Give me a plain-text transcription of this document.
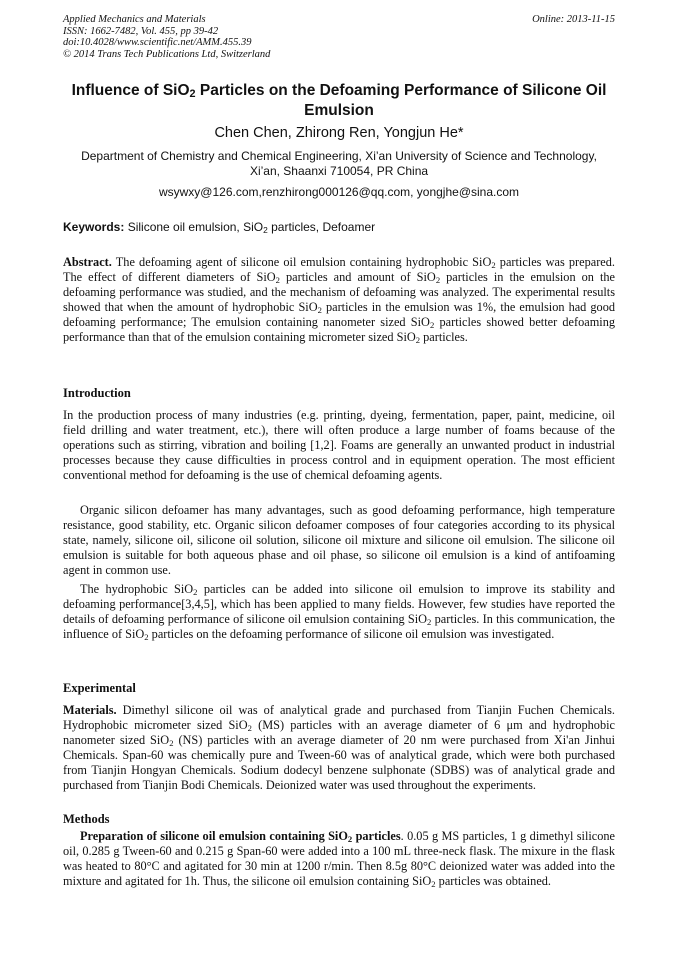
Applied Mechanics and Materials
ISSN: 1662-7482, Vol. 455, pp 39-42
doi:10.4028/www.scientific.net/AMM.455.39
© 2014 Trans Tech Publications Ltd, Switzerland
Online: 2013-11-15
Influence of SiO$_2$ Particles on the Defoaming Performance of Silicone Oil Emulsion
Chen Chen, Zhirong Ren, Yongjun He*
Department of Chemistry and Chemical Engineering, Xi’an University of Science and Technology,
Xi’an, Shaanxi 710054, PR China
wsywxy@126.com,renzhirong000126@qq.com, yongjhe@sina.com
Keywords: Silicone oil emulsion, SiO$_2$ particles, Defoamer
Abstract. The defoaming agent of silicone oil emulsion containing hydrophobic SiO$_2$ particles was prepared. The effect of different diameters of SiO$_2$ particles and amount of SiO$_2$ particles in the emulsion on the defoaming performance was studied, and the mechanism of defoaming was analyzed. The experimental results showed that when the amount of hydrophobic SiO$_2$ particles in the emulsion was 1%, the emulsion had good defoaming performance; The emulsion containing nanometer sized SiO$_2$ particles showed better defoaming performance than that of the emulsion containing micrometer sized SiO$_2$ particles.
Introduction
In the production process of many industries (e.g. printing, dyeing, fermentation, paper, paint, medicine, oil field drilling and water treatment, etc.), there will often produce a large number of foams because of the operations such as stirring, vibration and boiling [1,2]. Foams are generally an unwanted product in industrial processes because they cause difficulties in process control and in equipment operation. The most efficient conventional method for defoaming is the use of chemical defoaming agents.
Organic silicon defoamer has many advantages, such as good defoaming performance, high temperature resistance, good stability, etc. Organic silicon defoamer composes of four categories according to its physical state, namely, silicone oil, silicone oil solution, silicone oil mixture and silicone oil emulsion. The silicone oil emulsion is suitable for both aqueous phase and oil phase, so silicone oil emulsion is a kind of antifoaming agent in common use.
The hydrophobic SiO$_2$ particles can be added into silicone oil emulsion to improve its stability and defoaming performance[3,4,5], which has been applied to many fields. However, few studies have reported the details of defoaming performance of silicone oil emulsion containing SiO$_2$ particles. In this communication, the influence of SiO$_2$ particles on the defoaming performance of silicone oil emulsion was investigated.
Experimental
Materials. Dimethyl silicone oil was of analytical grade and purchased from Tianjin Fuchen Chemicals. Hydrophobic micrometer sized SiO$_2$ (MS) particles with an average diameter of 6 μm and hydrophobic nanometer sized SiO$_2$ (NS) particles with an average diameter of 20 nm were purchased from Xi'an Jinhui Chemicals. Span-60 was chemically pure and Tween-60 was of analytical grade, which were both purchased from Tianjin Hongyan Chemicals. Sodium dodecyl benzene sulphonate (SDBS) was of analytical grade and purchased from Tianjin Bodi Chemicals. Deionized water was used throughout the experiments.
Methods
Preparation of silicone oil emulsion containing SiO$_2$ particles. 0.05 g MS particles, 1 g dimethyl silicone oil, 0.285 g Tween-60 and 0.215 g Span-60 were added into a 100 mL three-neck flask. The mixure in the flask was heated to 80°C and agitated for 30 min at 1200 r/min. Then 8.5g 80°C deionized water was added into the mixture and agitated for 1h. Thus, the silicone oil emulsion containing SiO$_2$ particles was obtained.
